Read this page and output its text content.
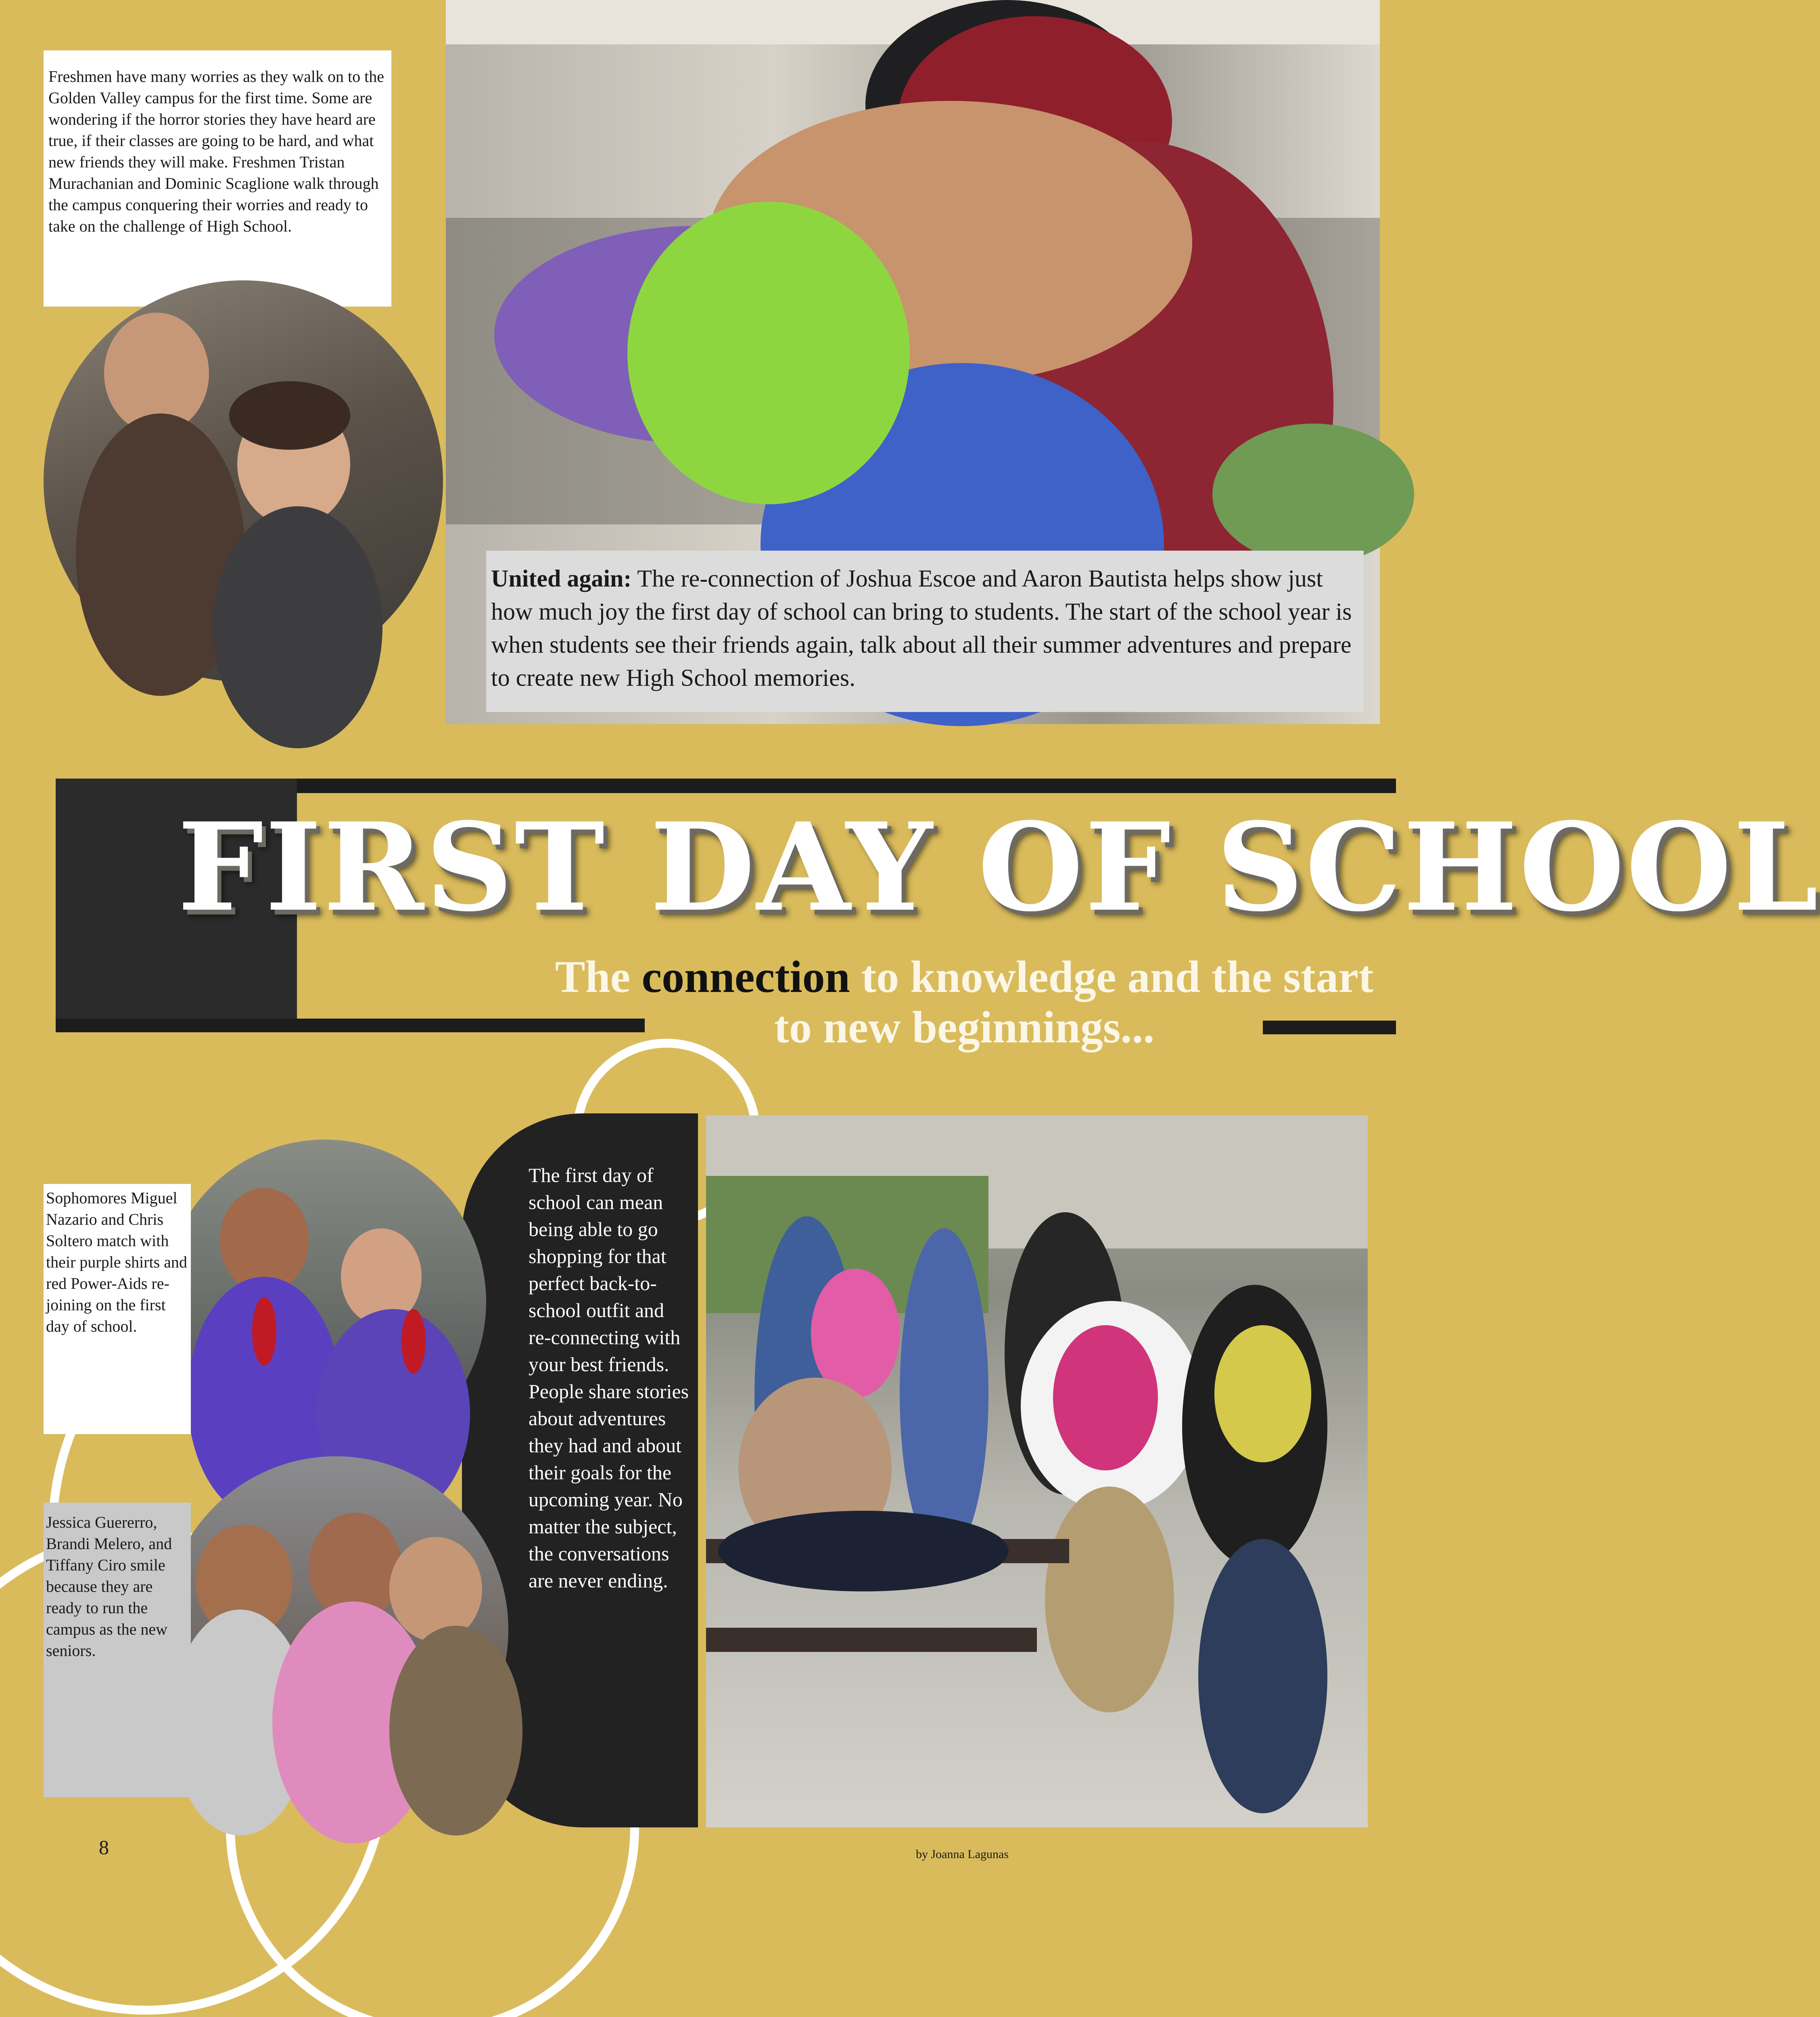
Freshmen have many worries as they walk on to the Golden Valley campus for the first time. Some are wondering if the horror stories they have heard are true, if their classes are going to be hard, and what new friends they will make. Freshmen Tristan Murachanian and Dominic Scaglione walk through the campus conquering their worries and ready to take on the challenge of High School.
United again: The re-connection of Joshua Escoe and Aaron Bautista helps show just how much joy the first day of school can bring to students. The start of the school year is when students see their friends again, talk about all their summer adventures and prepare to create new High School memories.
FIRST DAY OF SCHOOL
The connection to knowledge and the start to new beginnings...
The first day of school can mean being able to go shopping for that perfect back-to-school outfit and re-connecting with your best friends. People share stories about adventures they had and about their goals for the upcoming year. No matter the subject, the conversations are never ending.
Sophomores Miguel Nazario and Chris Soltero match with their purple shirts and red Power-Aids re-joining on the first day of school.
Jessica Guererro, Brandi Melero, and Tiffany Ciro smile because they are ready to run the campus as the new seniors.
8	by Joanna Lagunas
